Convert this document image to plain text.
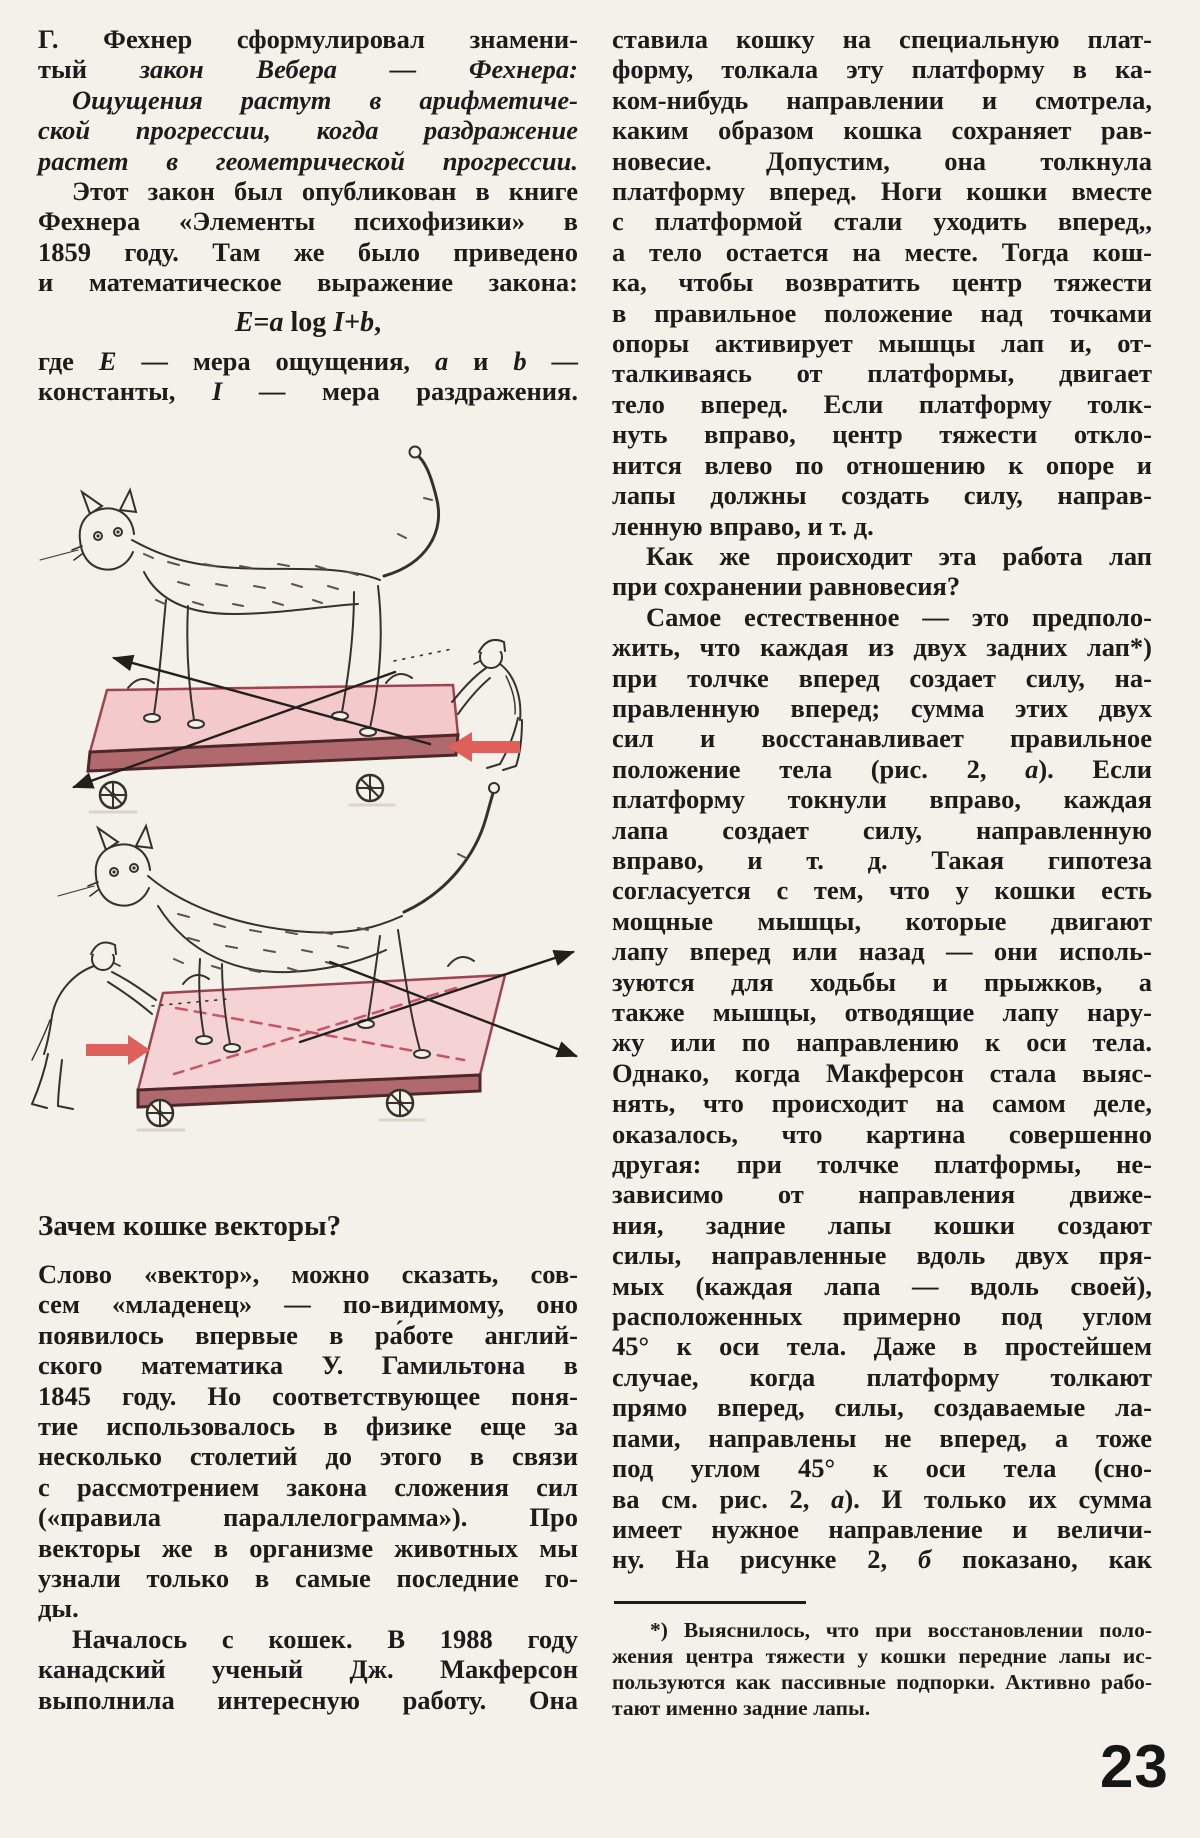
Г. Фехнер сформулировал знамени-
тый закон Вебера — Фехнера:
Ощущения растут в арифметиче-
ской прогрессии, когда раздражение
растет в геометрической прогрессии.
Этот закон был опубликован в книге
Фехнера «Элементы психофизики» в
1859 году. Там же было приведено
и математическое выражение закона:
E=a log I+b,
где E — мера ощущения, a и b —
константы, I — мера раздражения.
Зачем кошке векторы?
Слово «вектор», можно сказать, сов-
сем «младенец» — по-видимому, оно
появилось впервые в ра́боте англий-
ского математика У. Гамильтона в
1845 году. Но соответствующее поня-
тие использовалось в физике еще за
несколько столетий до этого в связи
с рассмотрением закона сложения сил
(«правила параллелограмма»). Про
векторы же в организме животных мы
узнали только в самые последние го-
ды.
Началось с кошек. В 1988 году
канадский ученый Дж. Макферсон
выполнила интересную работу. Она
ставила кошку на специальную плат-
форму, толкала эту платформу в ка-
ком-нибудь направлении и смотрела,
каким образом кошка сохраняет рав-
новесие. Допустим, она толкнула
платформу вперед. Ноги кошки вместе
с платформой стали уходить вперед,,
а тело остается на месте. Тогда кош-
ка, чтобы возвратить центр тяжести
в правильное положение над точками
опоры активирует мышцы лап и, от-
талкиваясь от платформы, двигает
тело вперед. Если платформу толк-
нуть вправо, центр тяжести откло-
нится влево по отношению к опоре и
лапы должны создать силу, направ-
ленную вправо, и т. д.
Как же происходит эта работа лап
при сохранении равновесия?
Самое естественное — это предполо-
жить, что каждая из двух задних лап*)
при толчке вперед создает силу, на-
правленную вперед; сумма этих двух
сил и восстанавливает правильное
положение тела (рис. 2, а). Если
платформу токнули вправо, каждая
лапа создает силу, направленную
вправо, и т. д. Такая гипотеза
согласуется с тем, что у кошки есть
мощные мышцы, которые двигают
лапу вперед или назад — они исполь-
зуются для ходьбы и прыжков, а
также мышцы, отводящие лапу нару-
жу или по направлению к оси тела.
Однако, когда Макферсон стала выяс-
нять, что происходит на самом деле,
оказалось, что картина совершенно
другая: при толчке платформы, не-
зависимо от направления движе-
ния, задние лапы кошки создают
силы, направленные вдоль двух пря-
мых (каждая лапа — вдоль своей),
расположенных примерно под углом
45° к оси тела. Даже в простейшем
случае, когда платформу толкают
прямо вперед, силы, создаваемые ла-
пами, направлены не вперед, а тоже
под углом 45° к оси тела (сно-
ва см. рис. 2, а). И только их сумма
имеет нужное направление и величи-
ну. На рисунке 2, б показано, как
*) Выяснилось, что при восстановлении поло-
жения центра тяжести у кошки передние лапы ис-
пользуются как пассивные подпорки. Активно рабо-
тают именно задние лапы.
23
